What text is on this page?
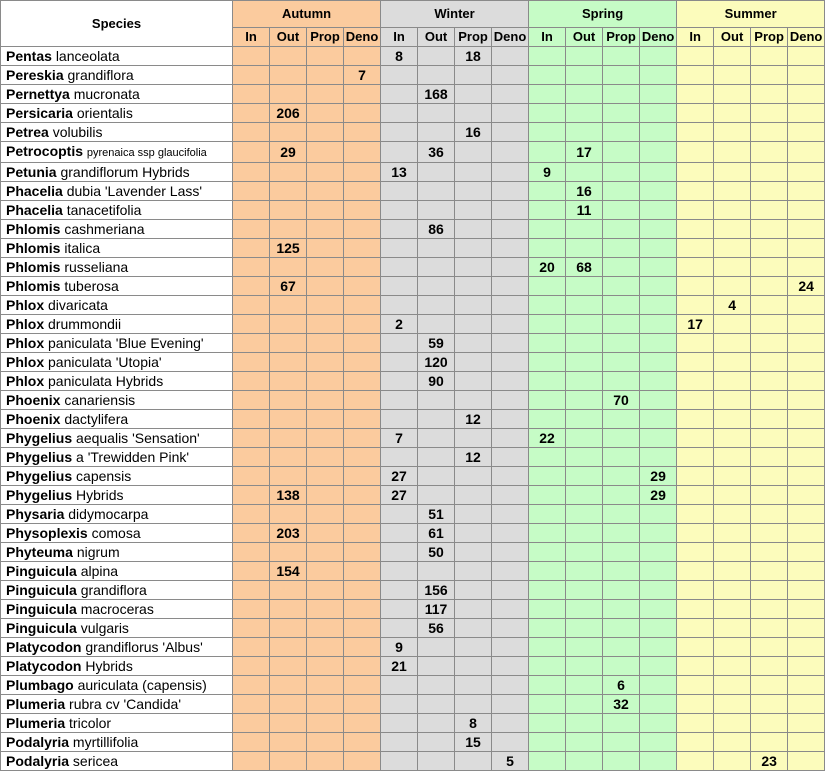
Species	Autumn				Winter				Spring				Summer			
	In	Out	Prop	Deno	In	Out	Prop	Deno	In	Out	Prop	Deno	In	Out	Prop	Deno
Pentas lanceolata					8		18									
Pereskia grandiflora				7												
Pernettya mucronata						168										
Persicaria orientalis		206														
Petrea volubilis							16									
Petrocoptis pyrenaica ssp glaucifolia		29				36				17						
Petunia grandiflorum Hybrids					13				9							
Phacelia dubia 'Lavender Lass'										16						
Phacelia tanacetifolia										11						
Phlomis cashmeriana						86										
Phlomis italica		125														
Phlomis russeliana									20	68						
Phlomis tuberosa		67														24
Phlox divaricata														4		
Phlox drummondii					2								17			
Phlox paniculata 'Blue Evening'						59										
Phlox paniculata 'Utopia'						120										
Phlox paniculata Hybrids						90										
Phoenix canariensis											70					
Phoenix dactylifera							12									
Phygelius aequalis 'Sensation'					7				22							
Phygelius a 'Trewidden Pink'							12									
Phygelius capensis					27							29				
Phygelius Hybrids		138			27							29				
Physaria didymocarpa						51										
Physoplexis comosa		203				61										
Phyteuma nigrum						50										
Pinguicula alpina		154														
Pinguicula grandiflora						156										
Pinguicula macroceras						117										
Pinguicula vulgaris						56										
Platycodon grandiflorus 'Albus'					9											
Platycodon Hybrids					21											
Plumbago auriculata (capensis)											6					
Plumeria rubra cv 'Candida'											32					
Plumeria tricolor							8									
Podalyria myrtillifolia							15									
Podalyria sericea								5							23	
